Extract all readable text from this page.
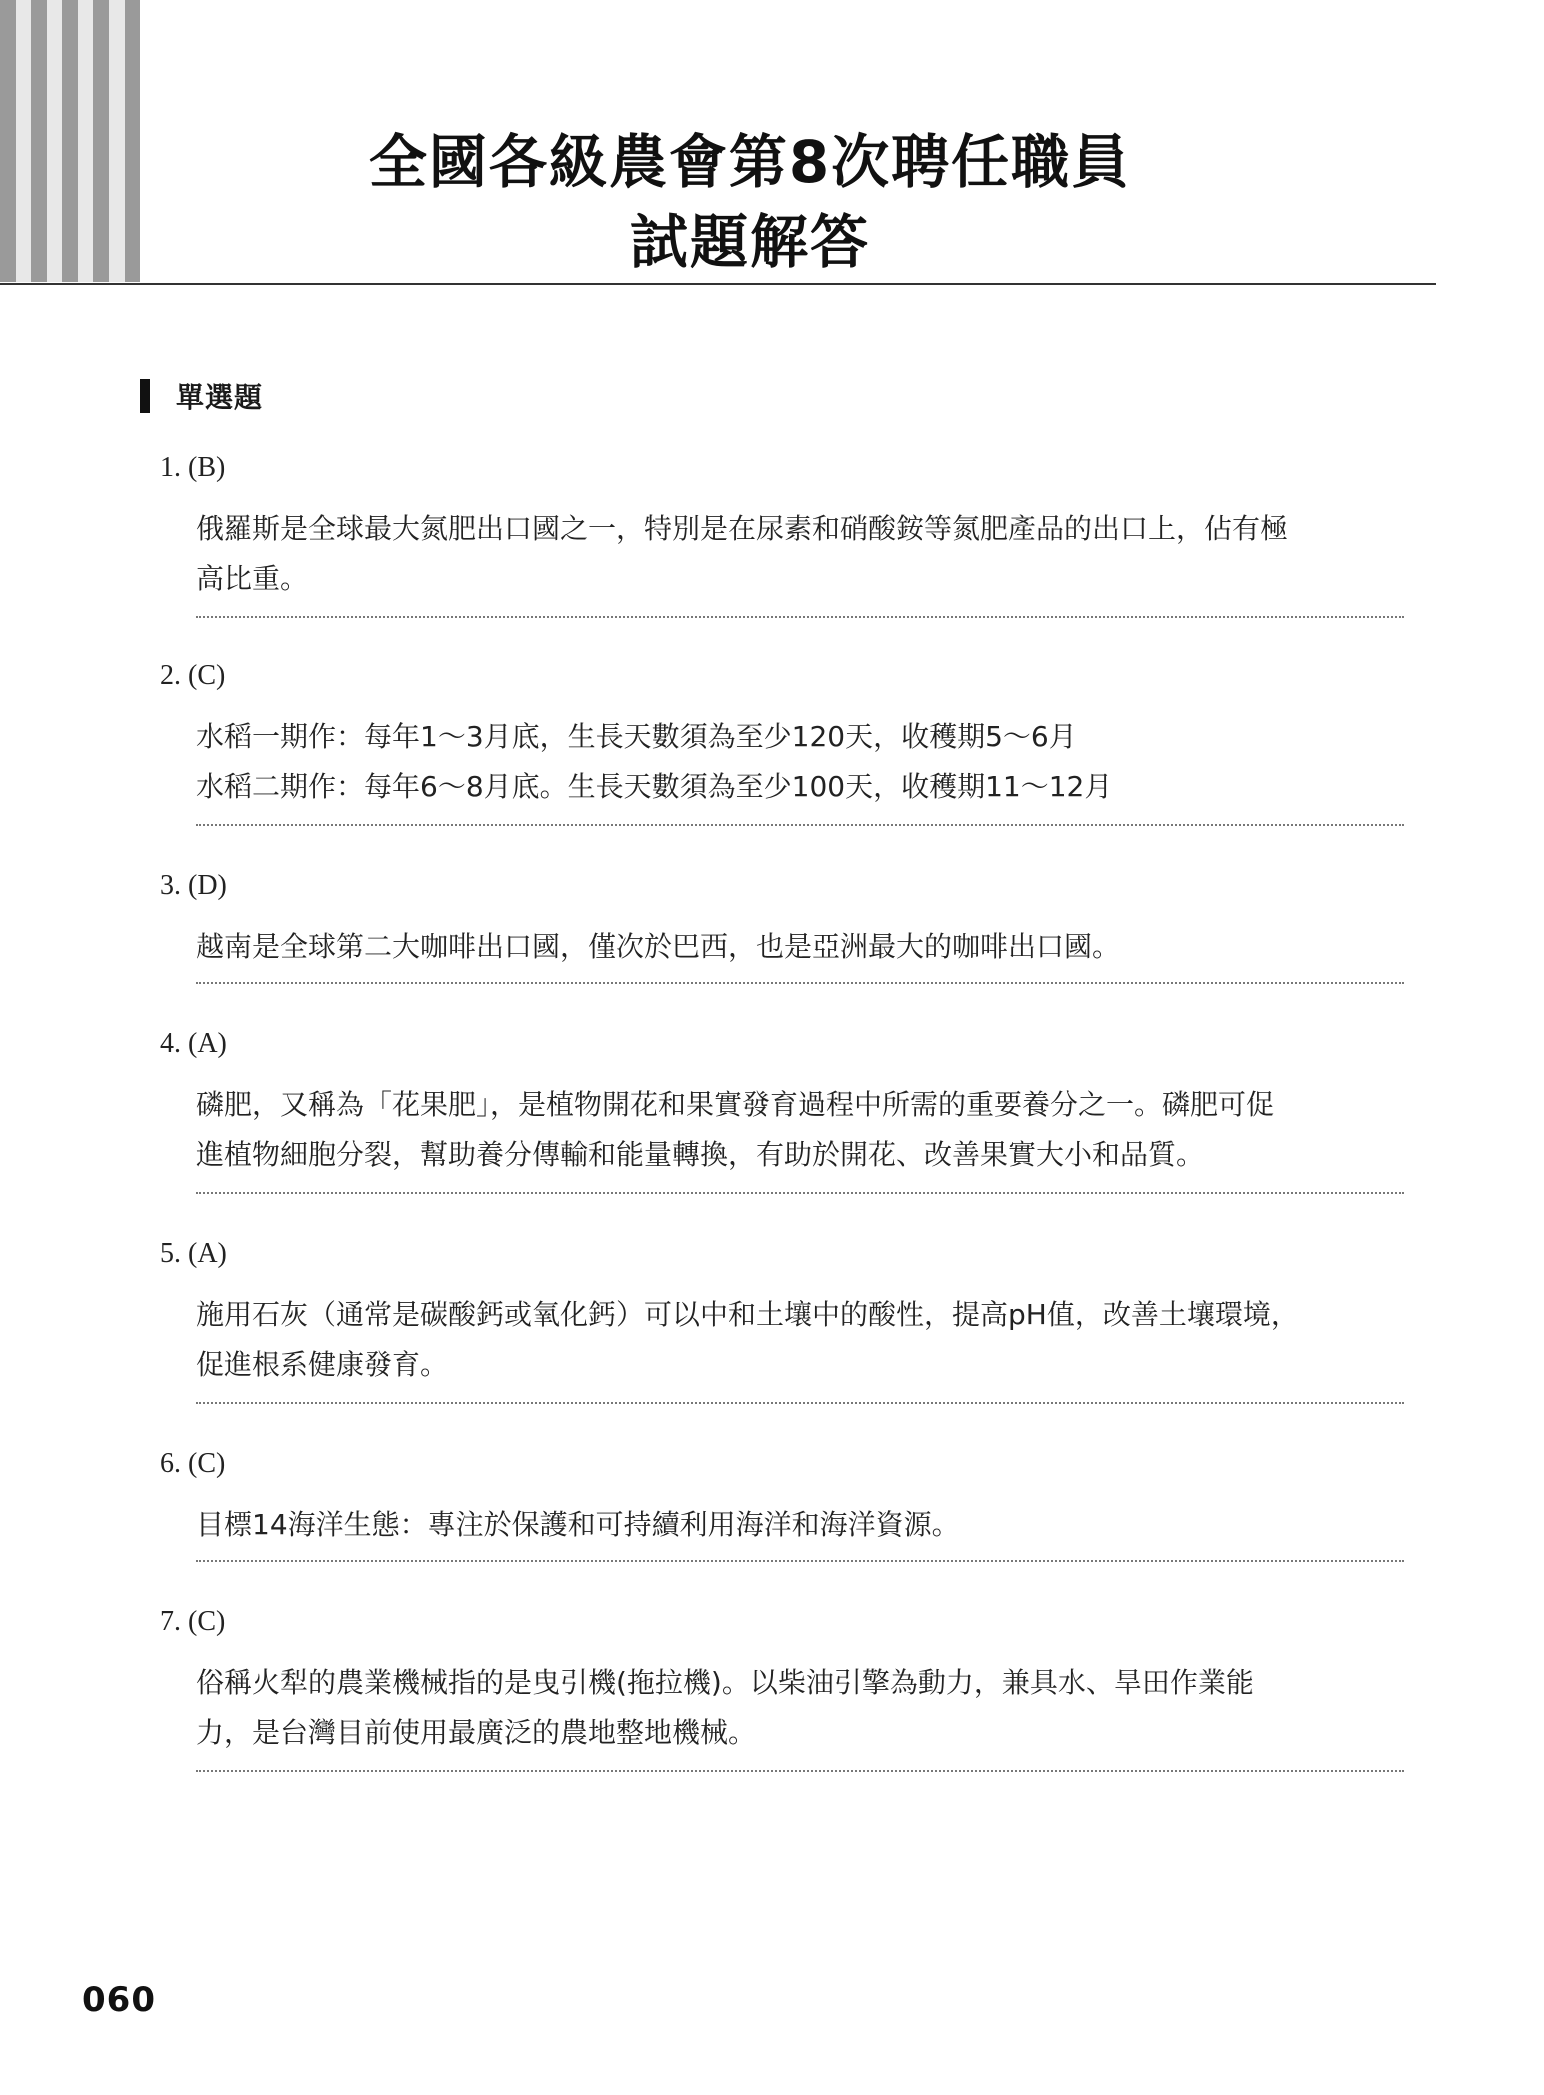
全國各級農會第8次聘任職員
試題解答
單選題
1. (B)

俄羅斯是全球最大氮肥出口國之一，特別是在尿素和硝酸銨等氮肥產品的出口上，佔有極

高比重。

2. (C)

水稻一期作：每年1～3月底，生長天數須為至少120天，收穫期5～6月

水稻二期作：每年6～8月底。生長天數須為至少100天，收穫期11～12月

3. (D)

越南是全球第二大咖啡出口國，僅次於巴西，也是亞洲最大的咖啡出口國。

4. (A)

磷肥，又稱為「花果肥」，是植物開花和果實發育過程中所需的重要養分之一。磷肥可促

進植物細胞分裂，幫助養分傳輸和能量轉換，有助於開花、改善果實大小和品質。

5. (A)

施用石灰（通常是碳酸鈣或氧化鈣）可以中和土壤中的酸性，提高pH值，改善土壤環境，

促進根系健康發育。

6. (C)

目標14海洋生態：專注於保護和可持續利用海洋和海洋資源。

7. (C)

俗稱火犁的農業機械指的是曳引機(拖拉機)。以柴油引擎為動力，兼具水、旱田作業能

力，是台灣目前使用最廣泛的農地整地機械。

060
